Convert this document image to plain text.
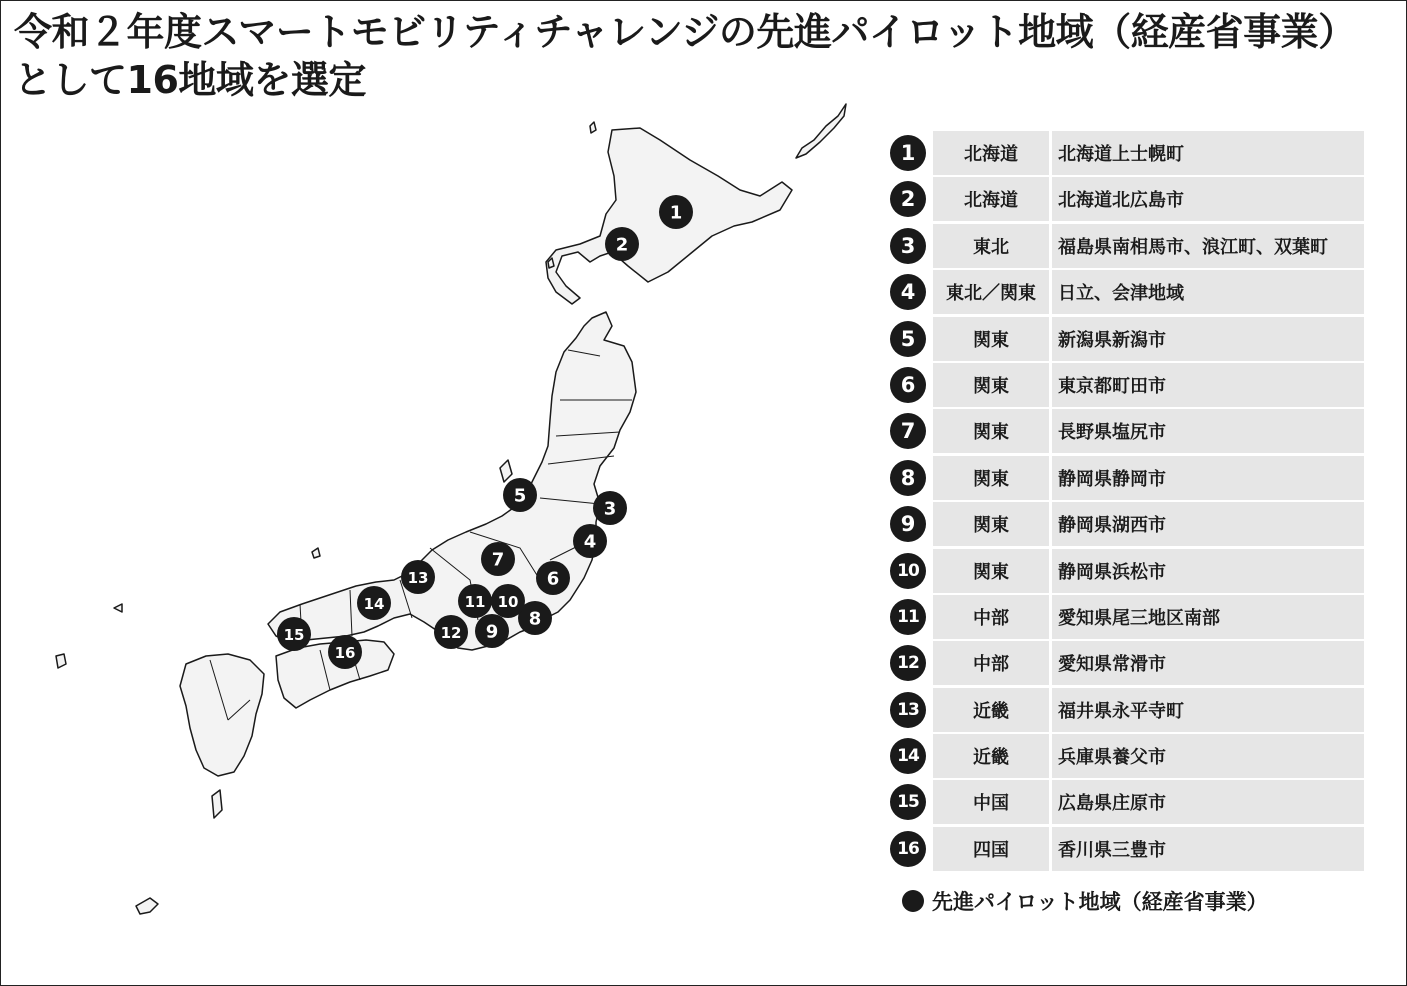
令和２年度スマートモビリティチャレンジの先進パイロット地域（経産省事業）
として16地域を選定
1
2
3
4
5
6
7
8
9
10
11
12
13
14
15
16
1	北海道	北海道上士幌町
2	北海道	北海道北広島市
3	東北	福島県南相馬市、浪江町、双葉町
4	東北／関東	日立、会津地域
5	関東	新潟県新潟市
6	関東	東京都町田市
7	関東	長野県塩尻市
8	関東	静岡県静岡市
9	関東	静岡県湖西市
10	関東	静岡県浜松市
11	中部	愛知県尾三地区南部
12	中部	愛知県常滑市
13	近畿	福井県永平寺町
14	近畿	兵庫県養父市
15	中国	広島県庄原市
16	四国	香川県三豊市
先進パイロット地域（経産省事業）
